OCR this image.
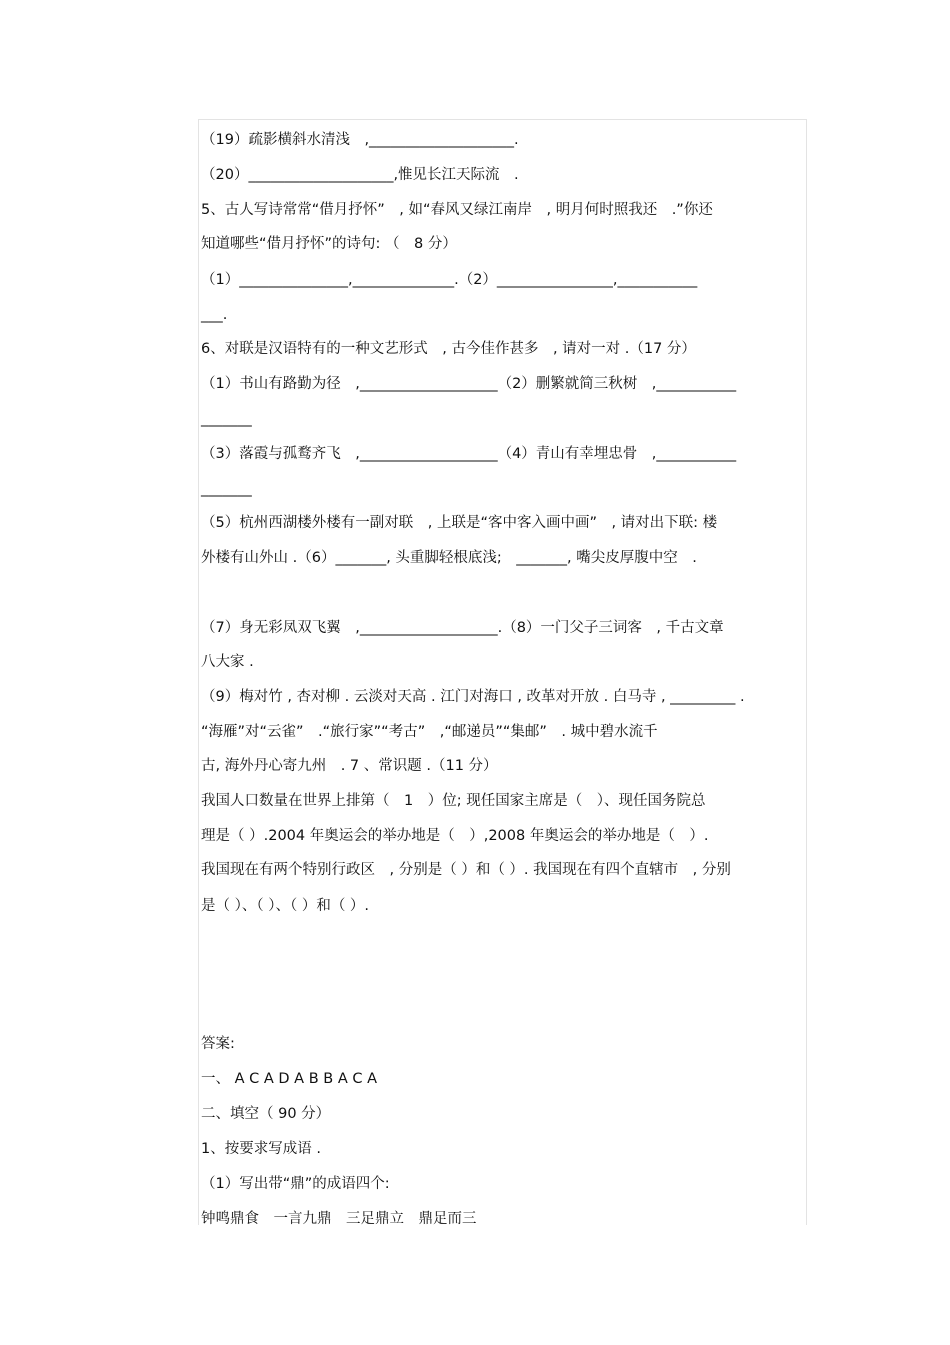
（19）疏影横斜水清浅　,____________________.
（20）____________________,惟见长江天际流　.
5、古人写诗常常“借月抒怀”　, 如“春风又绿江南岸　, 明月何时照我还　.”你还
知道哪些“借月抒怀”的诗句: （　8 分）
（1）_______________,______________.（2）________________,___________
___.
6、对联是汉语特有的一种文艺形式　, 古今佳作甚多　, 请对一对 .（17 分）
（1）书山有路勤为径　,___________________（2）删繁就简三秋树　,___________
_______
（3）落霞与孤鹜齐飞　,___________________（4）青山有幸埋忠骨　,___________
_______
（5）杭州西湖楼外楼有一副对联　, 上联是“客中客入画中画”　, 请对出下联: 楼
外楼有山外山 .（6）_______, 头重脚轻根底浅;　_______, 嘴尖皮厚腹中空　.
（7）身无彩凤双飞翼　,___________________.（8）一门父子三词客　, 千古文章
八大家 .
（9）梅对竹 , 杏对柳 . 云淡对天高 . 江门对海口 , 改革对开放 . 白马寺 , _________ .
“海雁”对“云雀”　.“旅行家”“考古”　,“邮递员”“集邮”　. 城中碧水流千
古, 海外丹心寄九州　. 7 、常识题 .（11 分）
我国人口数量在世界上排第（　1　）位; 现任国家主席是（　）、现任国务院总
理是（ ）.2004 年奥运会的举办地是（　）,2008 年奥运会的举办地是（　）.
我国现在有两个特别行政区　, 分别是（ ）和（ ）. 我国现在有四个直辖市　, 分别
是（ ）、（ ）、（ ）和（ ）.
答案:
一、 A C A D A B B A C A
二、填空（ 90 分）
1、按要求写成语 .
（1）写出带“鼎”的成语四个:
钟鸣鼎食　一言九鼎　三足鼎立　鼎足而三
